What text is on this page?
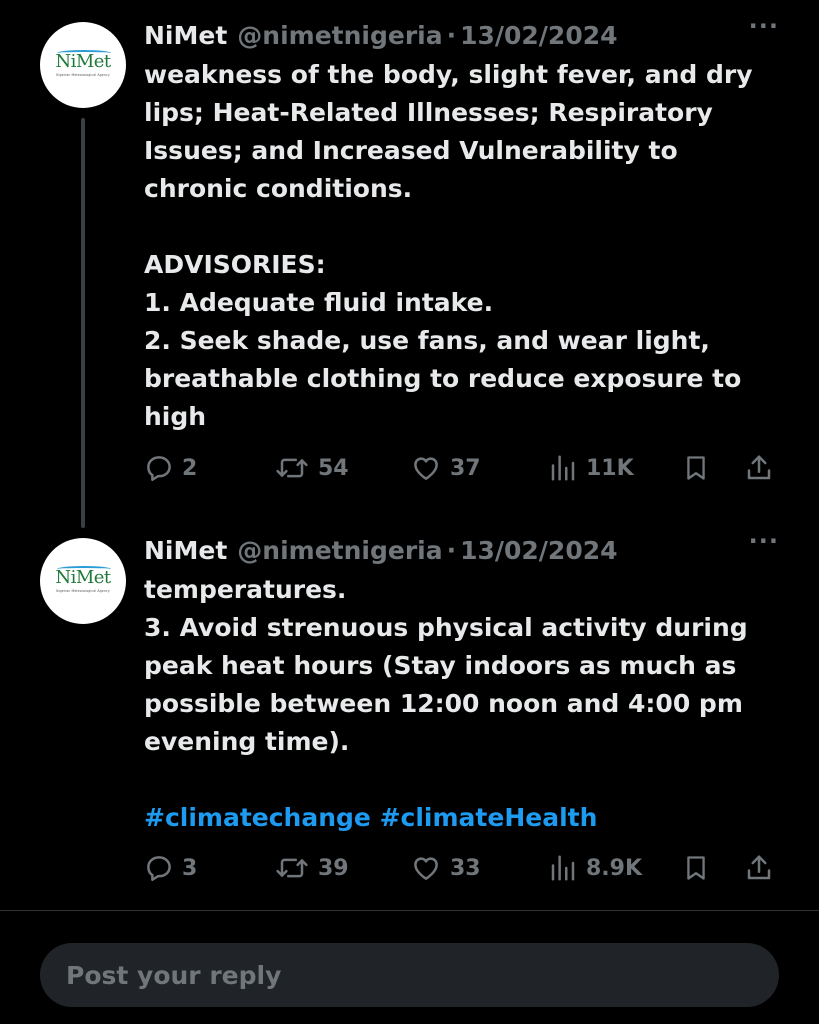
NiMet
Nigerian Meteorological Agency
NiMet @nimetnigeria · 13/02/2024	···
weakness of the body, slight fever, and dry
lips; Heat-Related Illnesses; Respiratory
Issues; and Increased Vulnerability to
chronic conditions.
ADVISORIES:
1. Adequate fluid intake.
2. Seek shade, use fans, and wear light,
breathable clothing to reduce exposure to
high
2	54	37	11K
NiMet
Nigerian Meteorological Agency
NiMet @nimetnigeria · 13/02/2024	···
temperatures.
3. Avoid strenuous physical activity during
peak heat hours (Stay indoors as much as
possible between 12:00 noon and 4:00 pm
evening time).
#climatechange #climateHealth
3	39	33	8.9K
Post your reply
